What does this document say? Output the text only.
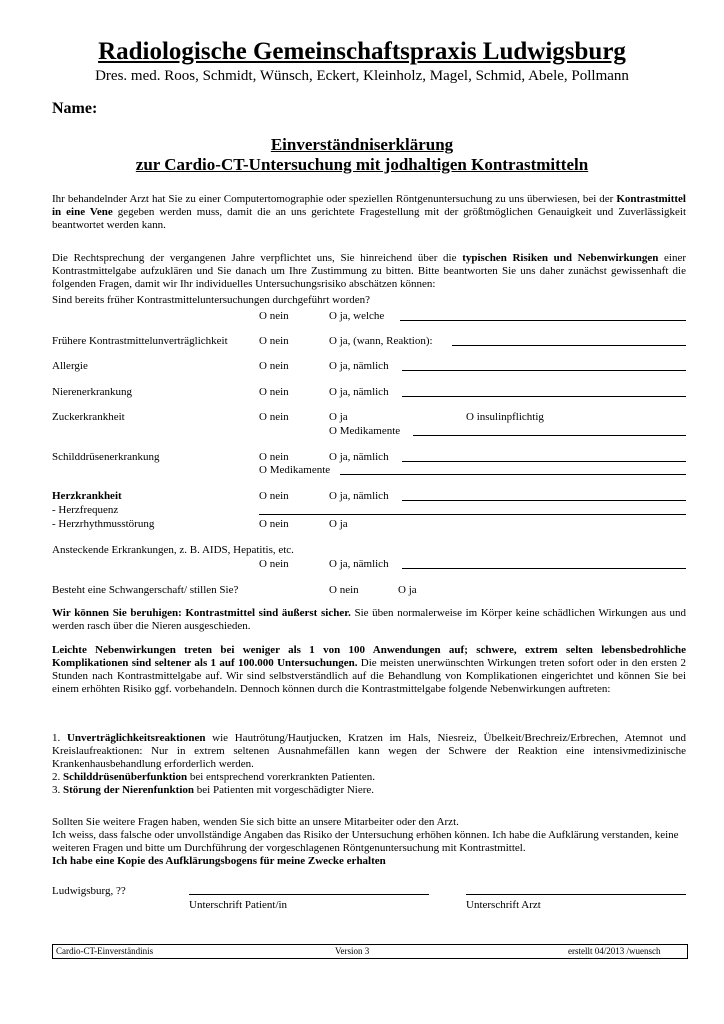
Radiologische Gemeinschaftspraxis Ludwigsburg
Dres. med. Roos, Schmidt, Wünsch, Eckert, Kleinholz, Magel, Schmid, Abele, Pollmann
Name:
Einverständniserklärung
zur Cardio-CT-Untersuchung mit jodhaltigen Kontrastmitteln

Ihr behandelnder Arzt hat Sie zu einer Computertomographie oder speziellen Röntgenuntersuchung zu uns überwiesen, bei der Kontrastmittel in eine Vene gegeben werden muss, damit die an uns gerichtete Fragestellung mit der größtmöglichen Genauigkeit und Zuverlässigkeit beantwortet werden kann.

Die Rechtsprechung der vergangenen Jahre verpflichtet uns, Sie hinreichend über die typischen Risiken und Nebenwirkungen einer Kontrastmittelgabe aufzuklären und Sie danach um Ihre Zustimmung zu bitten. Bitte beantworten Sie uns daher zunächst gewissenhaft die folgenden Fragen, damit wir Ihr individuelles Untersuchungsrisiko abschätzen können:

Sind bereits früher Kontrastmitteluntersuchungen durchgeführt worden?
O nein	O ja, welche
Frühere Kontrastmittelunverträglichkeit	O nein	O ja, (wann, Reaktion):
Allergie	O nein	O ja, nämlich
Nierenerkrankung	O nein	O ja, nämlich
Zuckerkrankheit	O nein	O ja	O insulinpflichtig
O Medikamente
Schilddrüsenerkrankung	O nein	O ja, nämlich
O Medikamente
Herzkrankheit	O nein	O ja, nämlich
- Herzfrequenz
- Herzrhythmusstörung	O nein	O ja
Ansteckende Erkrankungen, z. B. AIDS, Hepatitis, etc.
O nein	O ja, nämlich
Besteht eine Schwangerschaft/ stillen Sie?	O nein	O ja

Wir können Sie beruhigen: Kontrastmittel sind äußerst sicher. Sie üben normalerweise im Körper keine schädlichen Wirkungen aus und werden rasch über die Nieren ausgeschieden.

Leichte Nebenwirkungen treten bei weniger als 1 von 100 Anwendungen auf; schwere, extrem selten lebensbedrohliche Komplikationen sind seltener als 1 auf 100.000 Untersuchungen. Die meisten unerwünschten Wirkungen treten sofort oder in den ersten 2 Stunden nach Kontrastmittelgabe auf. Wir sind selbstverständlich auf die Behandlung von Komplikationen eingerichtet und können Sie bei einem erhöhten Risiko ggf. vorbehandeln. Dennoch können durch die Kontrastmittelgabe folgende Nebenwirkungen auftreten:

1. Unverträglichkeitsreaktionen wie Hautrötung/Hautjucken, Kratzen im Hals, Niesreiz, Übelkeit/Brechreiz/Erbrechen, Atemnot und Kreislaufreaktionen: Nur in extrem seltenen Ausnahmefällen kann wegen der Schwere der Reaktion eine intensivmedizinische Krankenhausbehandlung erforderlich werden.

2. Schilddrüsenüberfunktion bei entsprechend vorerkrankten Patienten.

3. Störung der Nierenfunktion bei Patienten mit vorgeschädigter Niere.

Sollten Sie weitere Fragen haben, wenden Sie sich bitte an unsere Mitarbeiter oder den Arzt.

Ich weiss, dass falsche oder unvollständige Angaben das Risiko der Untersuchung erhöhen können. Ich habe die Aufklärung verstanden, keine weiteren Fragen und bitte um Durchführung der vorgeschlagenen Röntgenuntersuchung mit Kontrastmittel.

Ich habe eine Kopie des Aufklärungsbogens für meine Zwecke erhalten

Ludwigsburg, ??
Unterschrift Patient/in	Unterschrift Arzt
Cardio-CT-Einverständinis	Version 3	erstellt 04/2013 /wuensch
